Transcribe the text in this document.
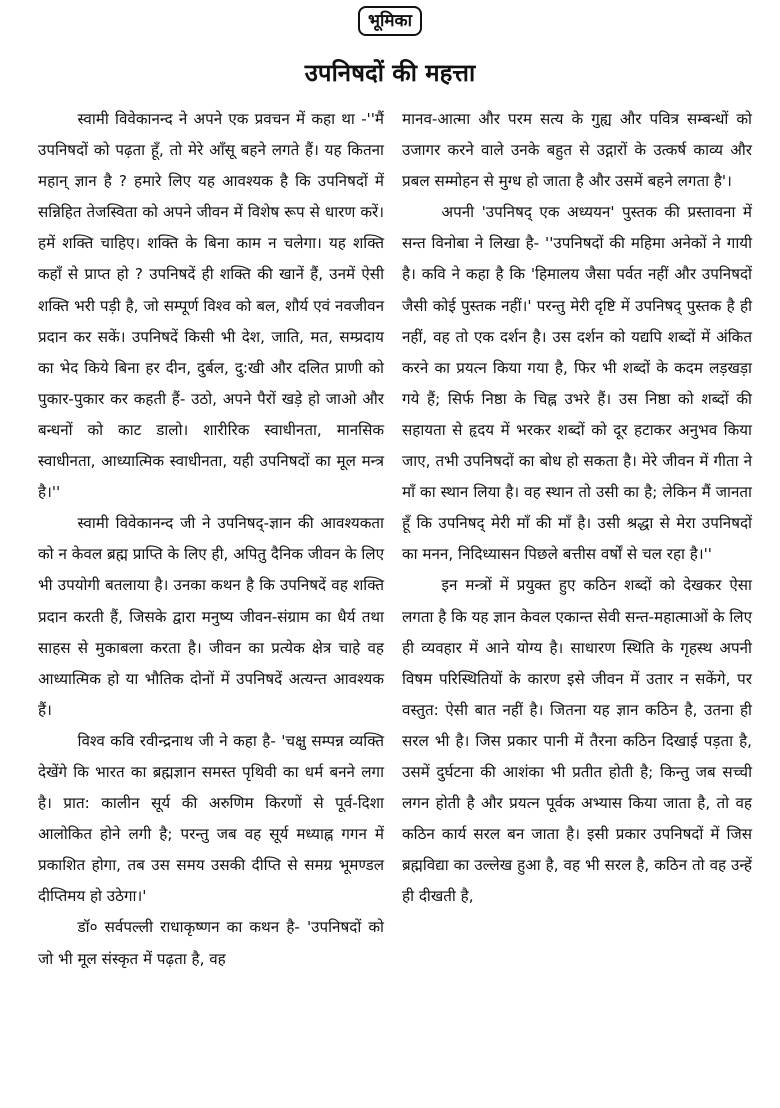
भूमिका
उपनिषदों की महत्ता

स्वामी विवेकानन्द ने अपने एक प्रवचन में कहा था -''मैं उपनिषदों को पढ़ता हूँ, तो मेरे आँसू बहने लगते हैं। यह कितना महान् ज्ञान है ? हमारे लिए यह आवश्यक है कि उपनिषदों में सन्निहित तेजस्विता को अपने जीवन में विशेष रूप से धारण करें। हमें शक्ति चाहिए। शक्ति के बिना काम न चलेगा। यह शक्ति कहाँ से प्राप्त हो ? उपनिषदें ही शक्ति की खानें हैं, उनमें ऐसी शक्ति भरी पड़ी है, जो सम्पूर्ण विश्व को बल, शौर्य एवं नवजीवन प्रदान कर सकें। उपनिषदें किसी भी देश, जाति, मत, सम्प्रदाय का भेद किये बिना हर दीन, दुर्बल, दु:खी और दलित प्राणी को पुकार-पुकार कर कहती हैं- उठो, अपने पैरों खड़े हो जाओ और बन्धनों को काट डालो। शारीरिक स्वाधीनता, मानसिक स्वाधीनता, आध्यात्मिक स्वाधीनता, यही उपनिषदों का मूल मन्त्र है।''

स्वामी विवेकानन्द जी ने उपनिषद्-ज्ञान की आवश्यकता को न केवल ब्रह्म प्राप्ति के लिए ही, अपितु दैनिक जीवन के लिए भी उपयोगी बतलाया है। उनका कथन है कि उपनिषदें वह शक्ति प्रदान करती हैं, जिसके द्वारा मनुष्य जीवन-संग्राम का धैर्य तथा साहस से मुकाबला करता है। जीवन का प्रत्येक क्षेत्र चाहे वह आध्यात्मिक हो या भौतिक दोनों में उपनिषदें अत्यन्त आवश्यक हैं।

विश्व कवि रवीन्द्रनाथ जी ने कहा है- 'चक्षु सम्पन्न व्यक्ति देखेंगे कि भारत का ब्रह्मज्ञान समस्त पृथिवी का धर्म बनने लगा है। प्रात: कालीन सूर्य की अरुणिम किरणों से पूर्व-दिशा आलोकित होने लगी है; परन्तु जब वह सूर्य मध्याह्न गगन में प्रकाशित होगा, तब उस समय उसकी दीप्ति से समग्र भूमण्डल दीप्तिमय हो उठेगा।'

डॉ० सर्वपल्ली राधाकृष्णन का कथन है- 'उपनिषदों को जो भी मूल संस्कृत में पढ़ता है, वह

मानव-आत्मा और परम सत्य के गुह्य और पवित्र सम्बन्धों को उजागर करने वाले उनके बहुत से उद्गारों के उत्कर्ष काव्य और प्रबल सम्मोहन से मुग्ध हो जाता है और उसमें बहने लगता है'।

अपनी 'उपनिषद् एक अध्ययन' पुस्तक की प्रस्तावना में सन्त विनोबा ने लिखा है- ''उपनिषदों की महिमा अनेकों ने गायी है। कवि ने कहा है कि 'हिमालय जैसा पर्वत नहीं और उपनिषदों जैसी कोई पुस्तक नहीं।' परन्तु मेरी दृष्टि में उपनिषद् पुस्तक है ही नहीं, वह तो एक दर्शन है। उस दर्शन को यद्यपि शब्दों में अंकित करने का प्रयत्न किया गया है, फिर भी शब्दों के कदम लड़खड़ा गये हैं; सिर्फ निष्ठा के चिह्न उभरे हैं। उस निष्ठा को शब्दों की सहायता से हृदय में भरकर शब्दों को दूर हटाकर अनुभव किया जाए, तभी उपनिषदों का बोध हो सकता है। मेरे जीवन में गीता ने माँ का स्थान लिया है। वह स्थान तो उसी का है; लेकिन मैं जानता हूँ कि उपनिषद् मेरी माँ की माँ है। उसी श्रद्धा से मेरा उपनिषदों का मनन, निदिध्यासन पिछले बत्तीस वर्षों से चल रहा है।''

इन मन्त्रों में प्रयुक्त हुए कठिन शब्दों को देखकर ऐसा लगता है कि यह ज्ञान केवल एकान्त सेवी सन्त-महात्माओं के लिए ही व्यवहार में आने योग्य है। साधारण स्थिति के गृहस्थ अपनी विषम परिस्थितियों के कारण इसे जीवन में उतार न सकेंगे, पर वस्तुत: ऐसी बात नहीं है। जितना यह ज्ञान कठिन है, उतना ही सरल भी है। जिस प्रकार पानी में तैरना कठिन दिखाई पड़ता है, उसमें दुर्घटना की आशंका भी प्रतीत होती है; किन्तु जब सच्ची लगन होती है और प्रयत्न पूर्वक अभ्यास किया जाता है, तो वह कठिन कार्य सरल बन जाता है। इसी प्रकार उपनिषदों में जिस ब्रह्मविद्या का उल्लेख हुआ है, वह भी सरल है, कठिन तो वह उन्हें ही दीखती है,
